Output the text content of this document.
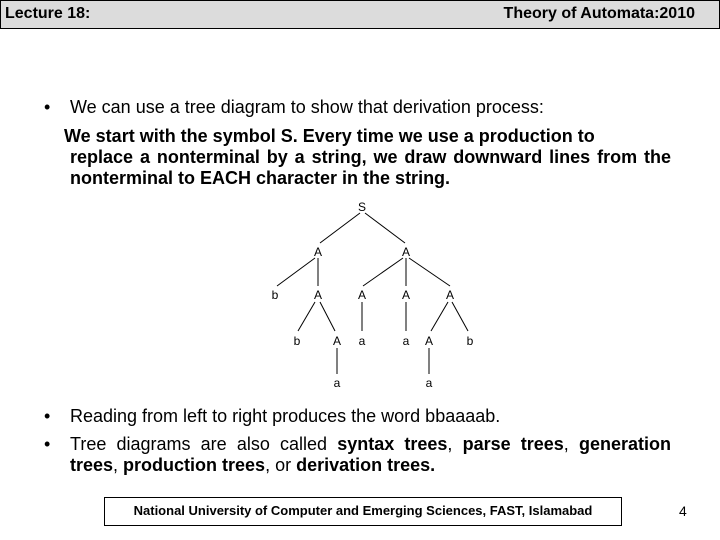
Lecture 18:	Theory of Automata:2010
• We can use a tree diagram to show that derivation process:
We start with the symbol S. Every time we use a production to
replace a nonterminal by a string, we draw downward lines from the nonterminal to EACH character in the string.
S
A	A
b	A	A	A	A
b	A a	a A	b
a	a
• Reading from left to right produces the word bbaaaab.
• Tree diagrams are also called syntax trees, parse trees, generation trees, production trees, or derivation trees.
National University of Computer and Emerging Sciences, FAST, Islamabad	4
